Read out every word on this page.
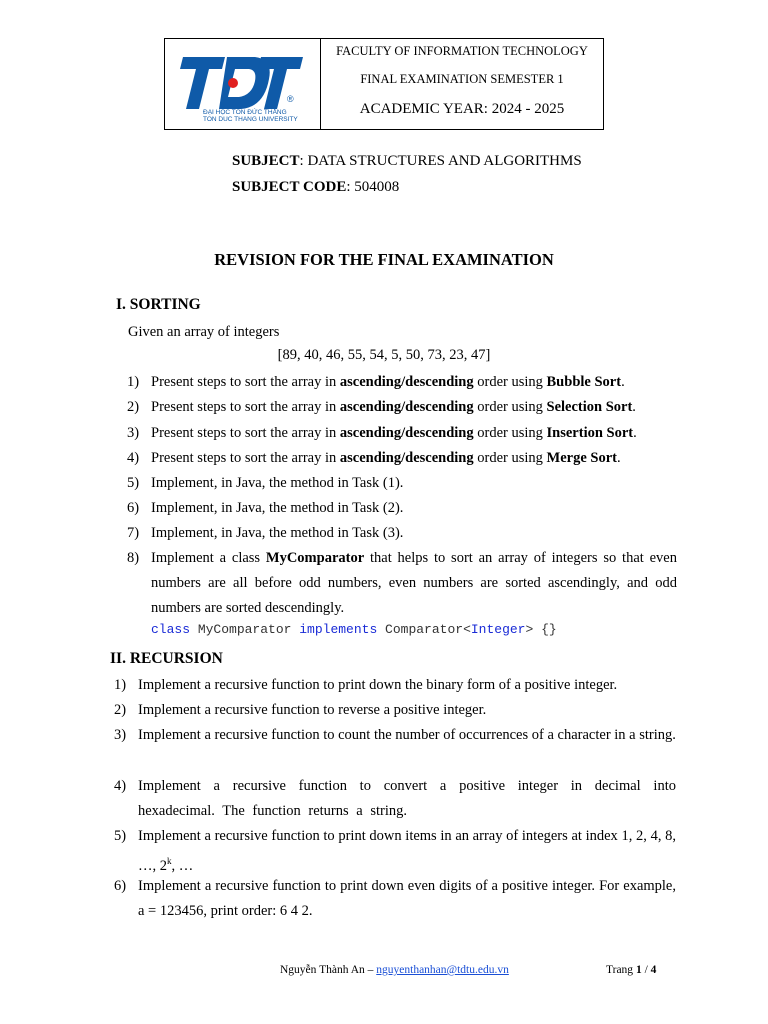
®
ĐẠI HỌC TÔN ĐỨC THẮNG
TON DUC THANG UNIVERSITY
FACULTY OF INFORMATION TECHNOLOGY
FINAL EXAMINATION SEMESTER 1
ACADEMIC YEAR: 2024 - 2025
SUBJECT: DATA STRUCTURES AND ALGORITHMS
SUBJECT CODE: 504008
REVISION FOR THE FINAL EXAMINATION
I. SORTING
Given an array of integers
[89, 40, 46, 55, 54, 5, 50, 73, 23, 47]
1) Present steps to sort the array in ascending/descending order using Bubble Sort.
2) Present steps to sort the array in ascending/descending order using Selection Sort.
3) Present steps to sort the array in ascending/descending order using Insertion Sort.
4) Present steps to sort the array in ascending/descending order using Merge Sort.
5) Implement, in Java, the method in Task (1).
6) Implement, in Java, the method in Task (2).
7) Implement, in Java, the method in Task (3).
8) Implement a class MyComparator that helps to sort an array of integers so that even numbers are all before odd numbers, even numbers are sorted ascendingly, and odd numbers are sorted descendingly.
class MyComparator implements Comparator<Integer> {}
II. RECURSION
1) Implement a recursive function to print down the binary form of a positive integer.
2) Implement a recursive function to reverse a positive integer.
3) Implement a recursive function to count the number of occurrences of a character in a string.
4) Implement a recursive function to convert a positive integer in decimal into hexadecimal. The function returns a string.
5) Implement a recursive function to print down items in an array of integers at index 1, 2, 4, 8, …, 2$^k$, …
6) Implement a recursive function to print down even digits of a positive integer. For example, a = 123456, print order: 6 4 2.
Nguyễn Thành An – nguyenthanhan@tdtu.edu.vn	Trang 1 / 4
